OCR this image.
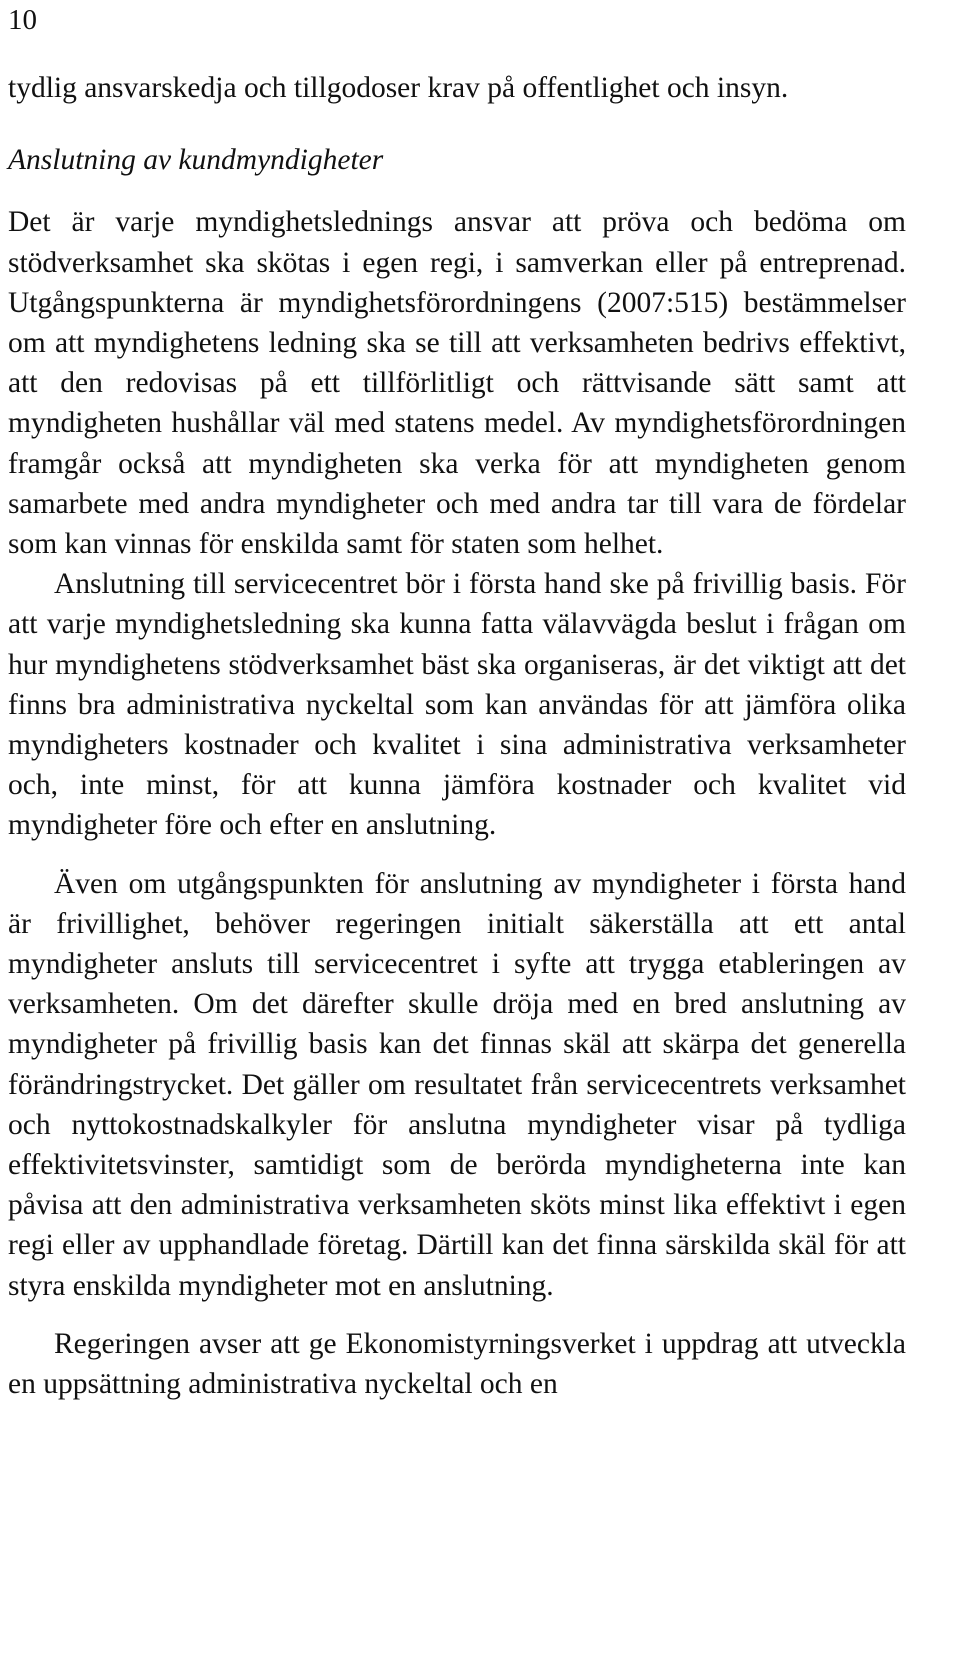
10

tydlig ansvarskedja och tillgodoser krav på offentlighet och insyn.

Anslutning av kundmyndigheter

Det är varje myndighetslednings ansvar att pröva och bedöma om stödverksamhet ska skötas i egen regi, i samverkan eller på entreprenad. Utgångspunkterna är myndighetsförordningens (2007:515) bestämmelser om att myndighetens ledning ska se till att verksamheten bedrivs effektivt, att den redovisas på ett tillförlitligt och rättvisande sätt samt att myndigheten hushållar väl med statens medel. Av myndighetsförordningen framgår också att myndigheten ska verka för att myndigheten genom samarbete med andra myndigheter och med andra tar till vara de fördelar som kan vinnas för enskilda samt för staten som helhet.

Anslutning till servicecentret bör i första hand ske på frivillig basis. För att varje myndighetsledning ska kunna fatta välavvägda beslut i frågan om hur myndighetens stödverksamhet bäst ska organiseras, är det viktigt att det finns bra administrativa nyckeltal som kan användas för att jämföra olika myndigheters kostnader och kvalitet i sina administrativa verksamheter och, inte minst, för att kunna jämföra kostnader och kvalitet vid myndigheter före och efter en anslutning.

Även om utgångspunkten för anslutning av myndigheter i första hand är frivillighet, behöver regeringen initialt säkerställa att ett antal myndigheter ansluts till servicecentret i syfte att trygga etableringen av verksamheten. Om det därefter skulle dröja med en bred anslutning av myndigheter på frivillig basis kan det finnas skäl att skärpa det generella förändringstrycket. Det gäller om resultatet från servicecentrets verksamhet och nyttokostnadskalkyler för anslutna myndigheter visar på tydliga effektivitetsvinster, samtidigt som de berörda myndigheterna inte kan påvisa att den administrativa verksamheten sköts minst lika effektivt i egen regi eller av upphandlade företag. Därtill kan det finna särskilda skäl för att styra enskilda myndigheter mot en anslutning.

Regeringen avser att ge Ekonomistyrningsverket i uppdrag att utveckla en uppsättning administrativa nyckeltal och en
